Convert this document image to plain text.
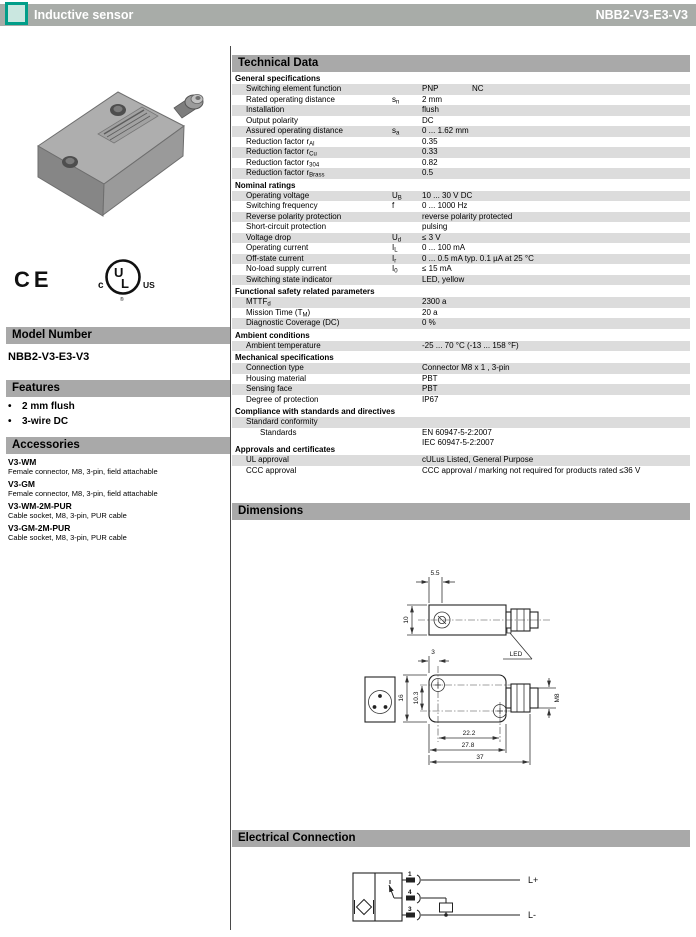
Inductive sensor	NBB2-V3-E3-V3
CE	U
L
c	US
®
Model Number
NBB2-V3-E3-V3
Features
• 2 mm flush
• 3-wire DC
Accessories
V3-WM
Female connector, M8, 3-pin, field attachable
V3-GM
Female connector, M8, 3-pin, field attachable
V3-WM-2M-PUR
Cable socket, M8, 3-pin, PUR cable
V3-GM-2M-PUR
Cable socket, M8, 3-pin, PUR cable
Technical Data
General specifications
Switching element function	PNP	NC
Rated operating distance	$s_n$	2 mm
Installation	flush
Output polarity	DC
Assured operating distance	$s_a$	0 ... 1.62 mm
Reduction factor $r_{Al}$	0.35
Reduction factor $r_{Cu}$	0.33
Reduction factor $r_{304}$	0.82
Reduction factor $r_{Brass}$	0.5
Nominal ratings
Operating voltage	$U_B$	10 ... 30 V DC
Switching frequency	f	0 ... 1000 Hz
Reverse polarity protection	reverse polarity protected
Short-circuit protection	pulsing
Voltage drop	$U_d$	≤ 3 V
Operating current	$I_L$	0 ... 100 mA
Off-state current	$I_r$	0 ... 0.5 mA typ. 0.1 µA at 25 °C
No-load supply current	$I_0$	≤ 15 mA
Switching state indicator	LED, yellow
Functional safety related parameters
$MTTF_d$	2300 a
Mission Time $(T_M)$	20 a
Diagnostic Coverage (DC)	0 %
Ambient conditions
Ambient temperature	-25 ... 70 °C (-13 ... 158 °F)
Mechanical specifications
Connection type	Connector M8 x 1 , 3-pin
Housing material	PBT
Sensing face	PBT
Degree of protection	IP67
Compliance with standards and directives
Standard conformity
Standards	EN 60947-5-2:2007
IEC 60947-5-2:2007
Approvals and certificates
UL approval	cULus Listed, General Purpose
CCC approval	CCC approval / marking not required for products rated ≤36 V
Dimensions
5.5
10
LED
3
16 10.3	M8
22.2
27.8
37
Electrical Connection
1
L+
4
3
L-
